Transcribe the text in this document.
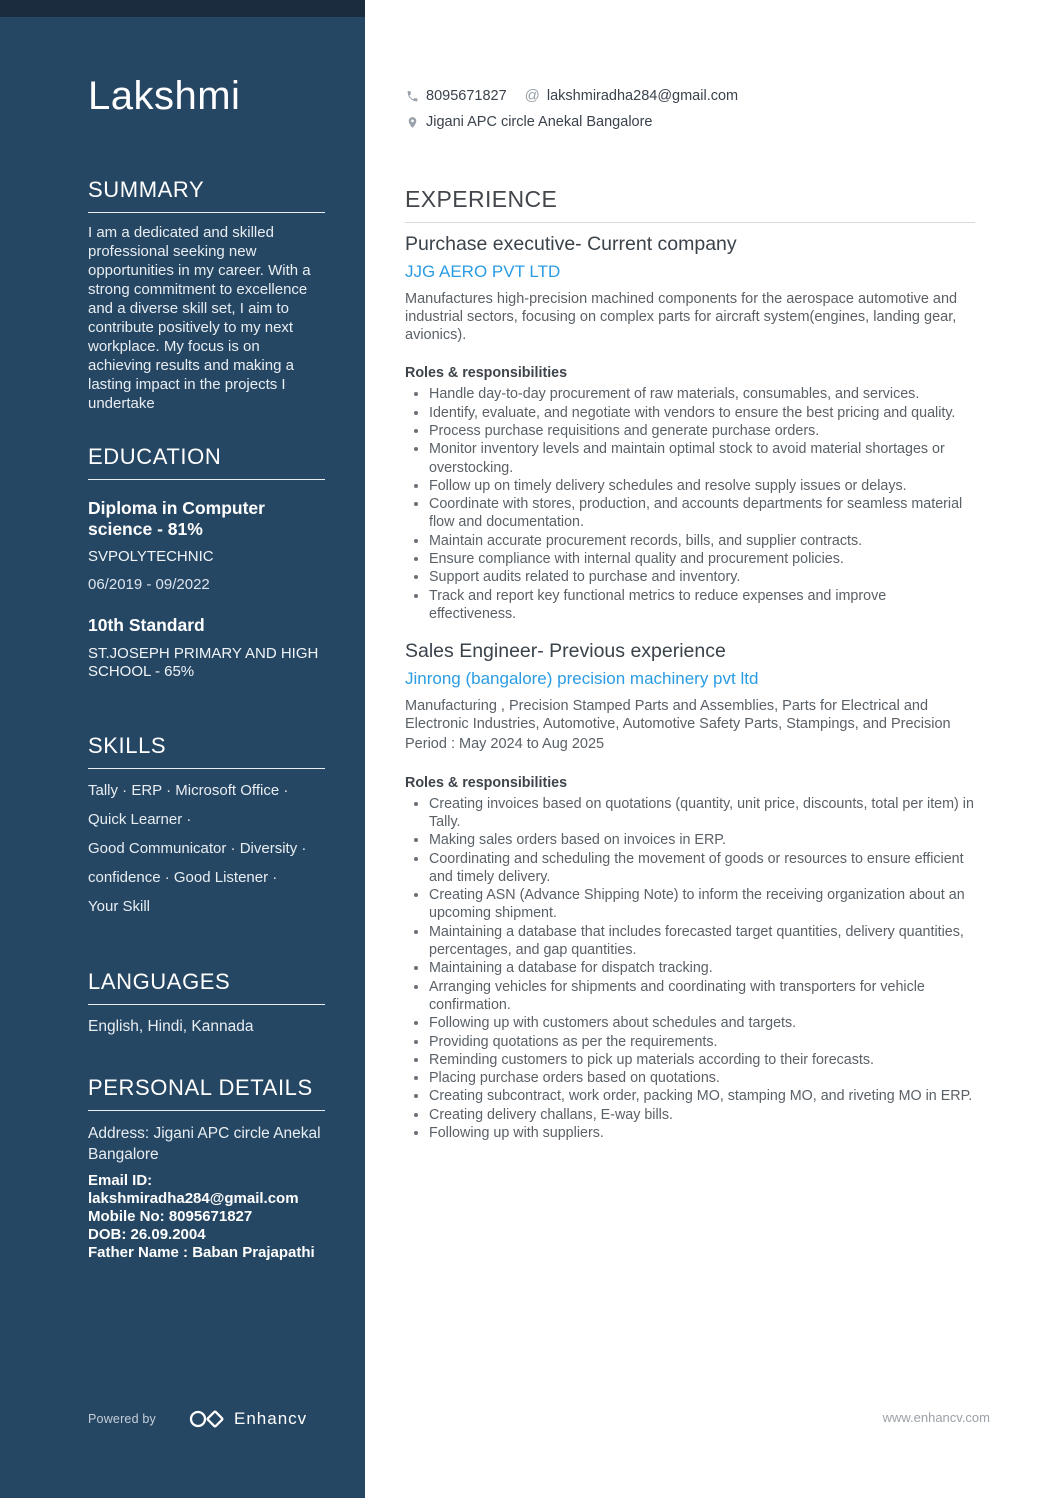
Lakshmi
SUMMARY

I am a dedicated and skilled professional seeking new opportunities in my career. With a strong commitment to excellence and a diverse skill set, I aim to contribute positively to my next workplace. My focus is on achieving results and making a lasting impact in the projects I undertake

EDUCATION
Diploma in Computer science - 81%
SVPOLYTECHNIC
06/2019 - 09/2022
10th Standard
ST.JOSEPH PRIMARY AND HIGH SCHOOL - 65%
SKILLS
Tally · ERP · Microsoft Office ·
Quick Learner ·
Good Communicator · Diversity ·
confidence · Good Listener ·
Your Skill
LANGUAGES
English, Hindi, Kannada
PERSONAL DETAILS
Address: Jigani APC circle Anekal Bangalore
Email ID: lakshmiradha284@gmail.com
Mobile No: 8095671827
DOB: 26.09.2004
Father Name : Baban Prajapathi
Powered by	Enhancv
8095671827 @ lakshmiradha284@gmail.com
Jigani APC circle Anekal Bangalore
EXPERIENCE
Purchase executive- Current company
JJG AERO PVT LTD

Manufactures high-precision machined components for the aerospace automotive and industrial sectors, focusing on complex parts for aircraft system(engines, landing gear, avionics).

Roles & responsibilities
Handle day-to-day procurement of raw materials, consumables, and services.
Identify, evaluate, and negotiate with vendors to ensure the best pricing and quality.
Process purchase requisitions and generate purchase orders.
Monitor inventory levels and maintain optimal stock to avoid material shortages or overstocking.
Follow up on timely delivery schedules and resolve supply issues or delays.
Coordinate with stores, production, and accounts departments for seamless material flow and documentation.
Maintain accurate procurement records, bills, and supplier contracts.
Ensure compliance with internal quality and procurement policies.
Support audits related to purchase and inventory.
Track and report key functional metrics to reduce expenses and improve effectiveness.
Sales Engineer- Previous experience
Jinrong (bangalore) precision machinery pvt ltd

Manufacturing , Precision Stamped Parts and Assemblies, Parts for Electrical and Electronic Industries, Automotive, Automotive Safety Parts, Stampings, and Precision

Period : May 2024 to Aug 2025
Roles & responsibilities
Creating invoices based on quotations (quantity, unit price, discounts, total per item) in Tally.
Making sales orders based on invoices in ERP.
Coordinating and scheduling the movement of goods or resources to ensure efficient and timely delivery.
Creating ASN (Advance Shipping Note) to inform the receiving organization about an upcoming shipment.
Maintaining a database that includes forecasted target quantities, delivery quantities, percentages, and gap quantities.
Maintaining a database for dispatch tracking.
Arranging vehicles for shipments and coordinating with transporters for vehicle confirmation.
Following up with customers about schedules and targets.
Providing quotations as per the requirements.
Reminding customers to pick up materials according to their forecasts.
Placing purchase orders based on quotations.
Creating subcontract, work order, packing MO, stamping MO, and riveting MO in ERP.
Creating delivery challans, E-way bills.
Following up with suppliers.
www.enhancv.com
